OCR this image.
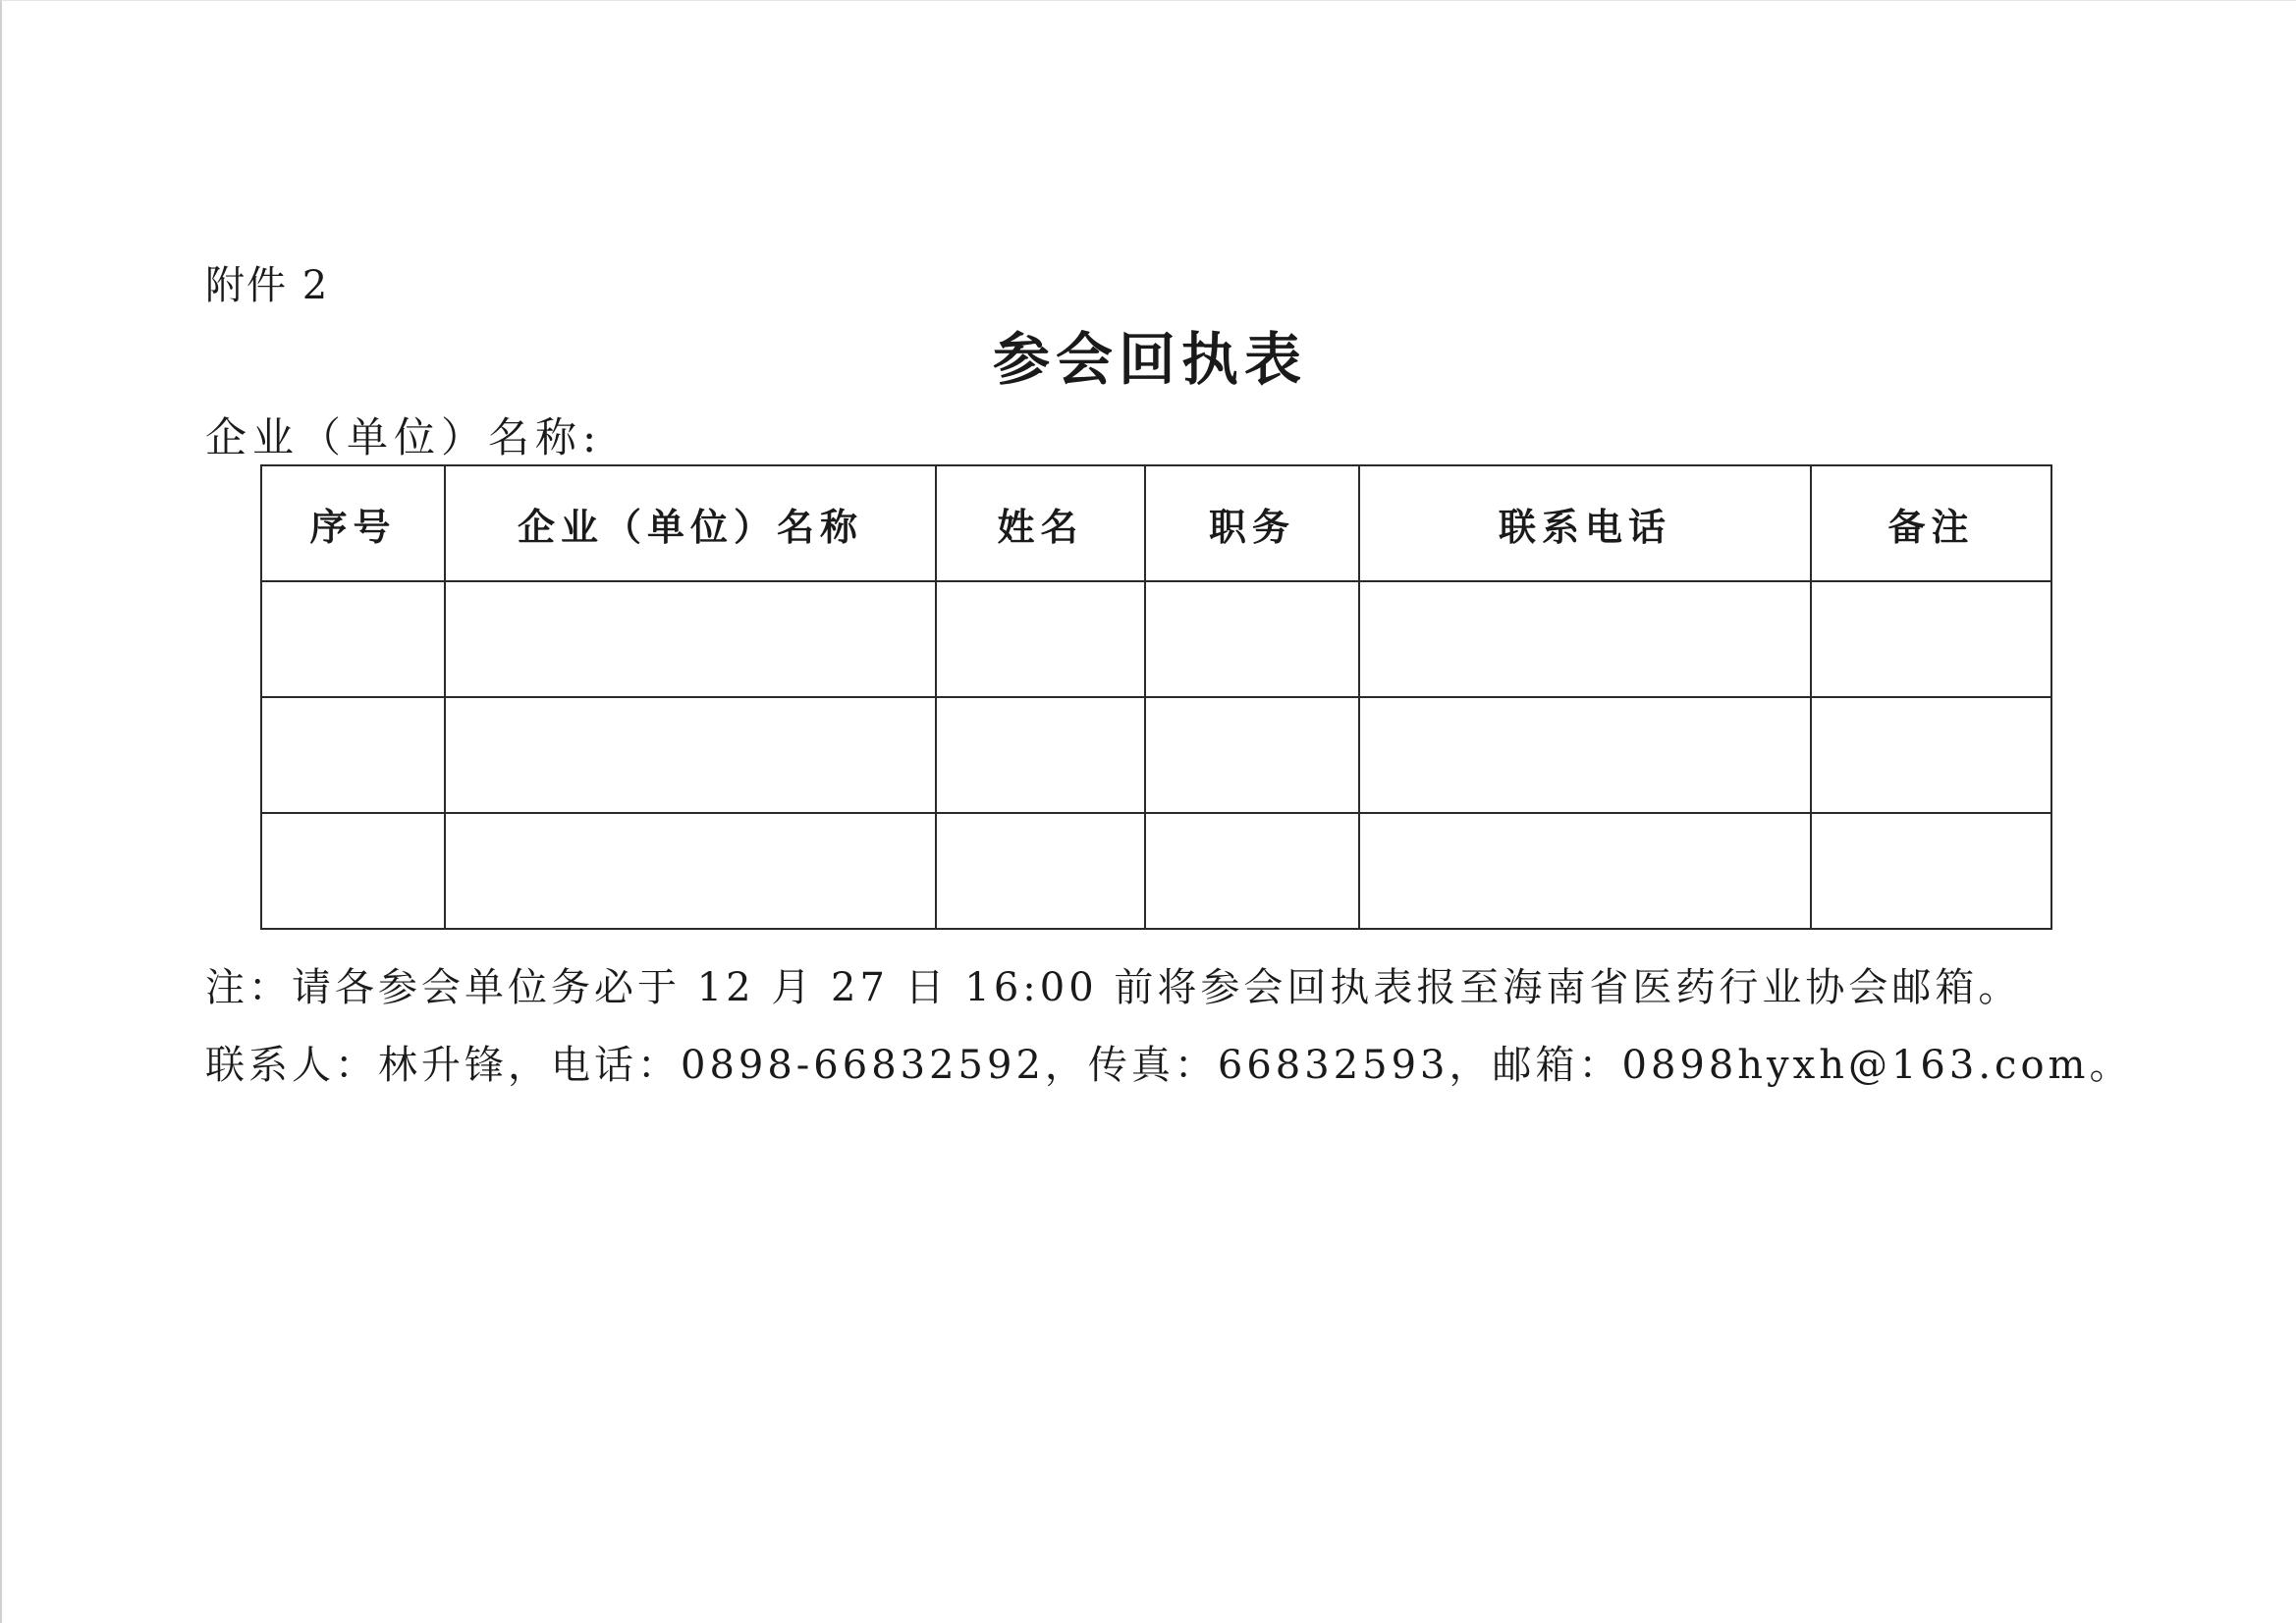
附件 2
参会回执表
企业（单位）名称:
序号	企业（单位）名称	姓名	职务	联系电话	备注

注：请各参会单位务必于 12 月 27 日 16:00 前将参会回执表报至海南省医药行业协会邮箱。
联系人：林升锋，电话：0898-66832592，传真：66832593，邮箱：0898hyxh@163.com。
